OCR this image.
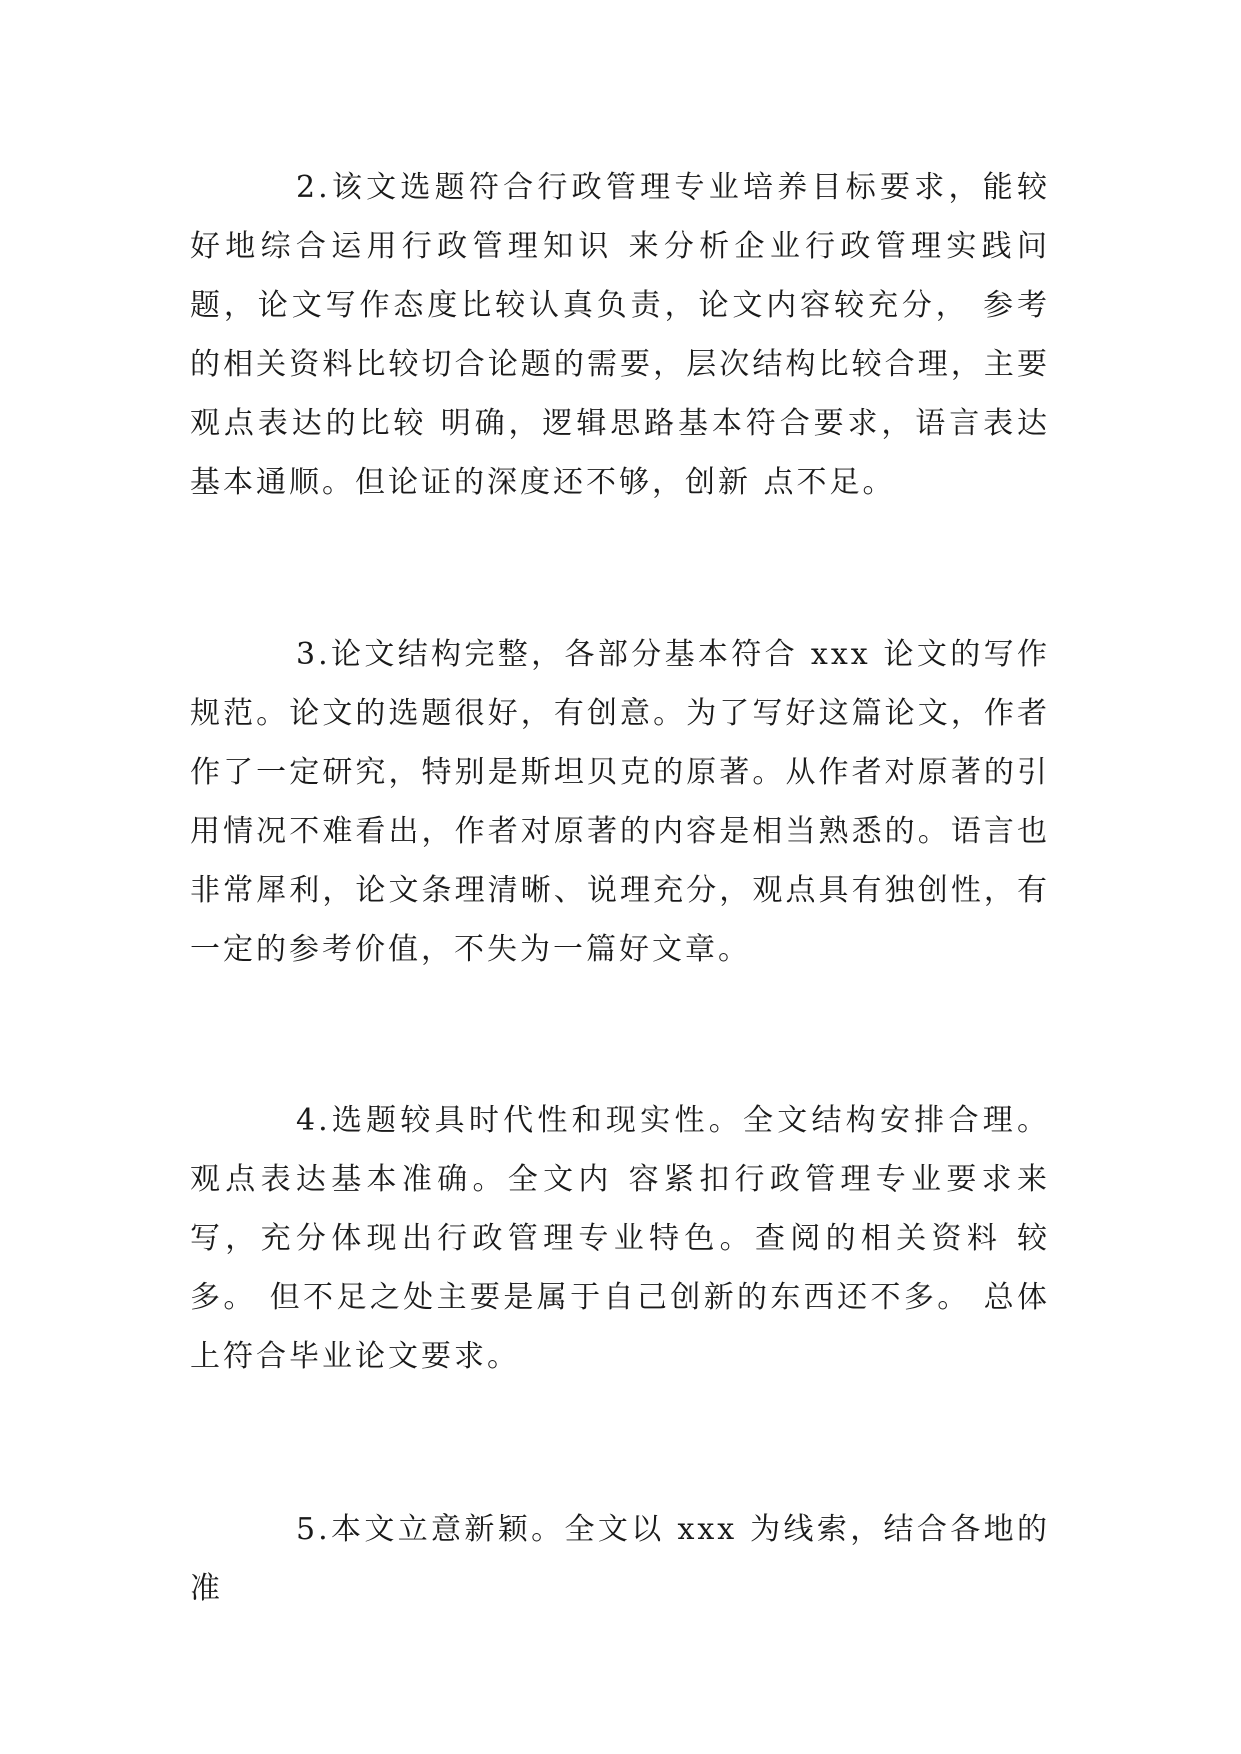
2.该文选题符合行政管理专业培养目标要求，能较好地综合运用行政管理知识 来分析企业行政管理实践问题，论文写作态度比较认真负责，论文内容较充分， 参考的相关资料比较切合论题的需要，层次结构比较合理，主要观点表达的比较 明确，逻辑思路基本符合要求，语言表达基本通顺。但论证的深度还不够，创新 点不足。

3.论文结构完整，各部分基本符合 xxx 论文的写作规范。论文的选题很好，有创意。为了写好这篇论文，作者作了一定研究，特别是斯坦贝克的原著。从作者对原著的引用情况不难看出，作者对原著的内容是相当熟悉的。语言也非常犀利，论文条理清晰、说理充分，观点具有独创性，有一定的参考价值，不失为一篇好文章。

4.选题较具时代性和现实性。全文结构安排合理。观点表达基本准确。全文内 容紧扣行政管理专业要求来写，充分体现出行政管理专业特色。查阅的相关资料 较多。 但不足之处主要是属于自己创新的东西还不多。 总体上符合毕业论文要求。

5.本文立意新颖。全文以 xxx 为线索，结合各地的准
